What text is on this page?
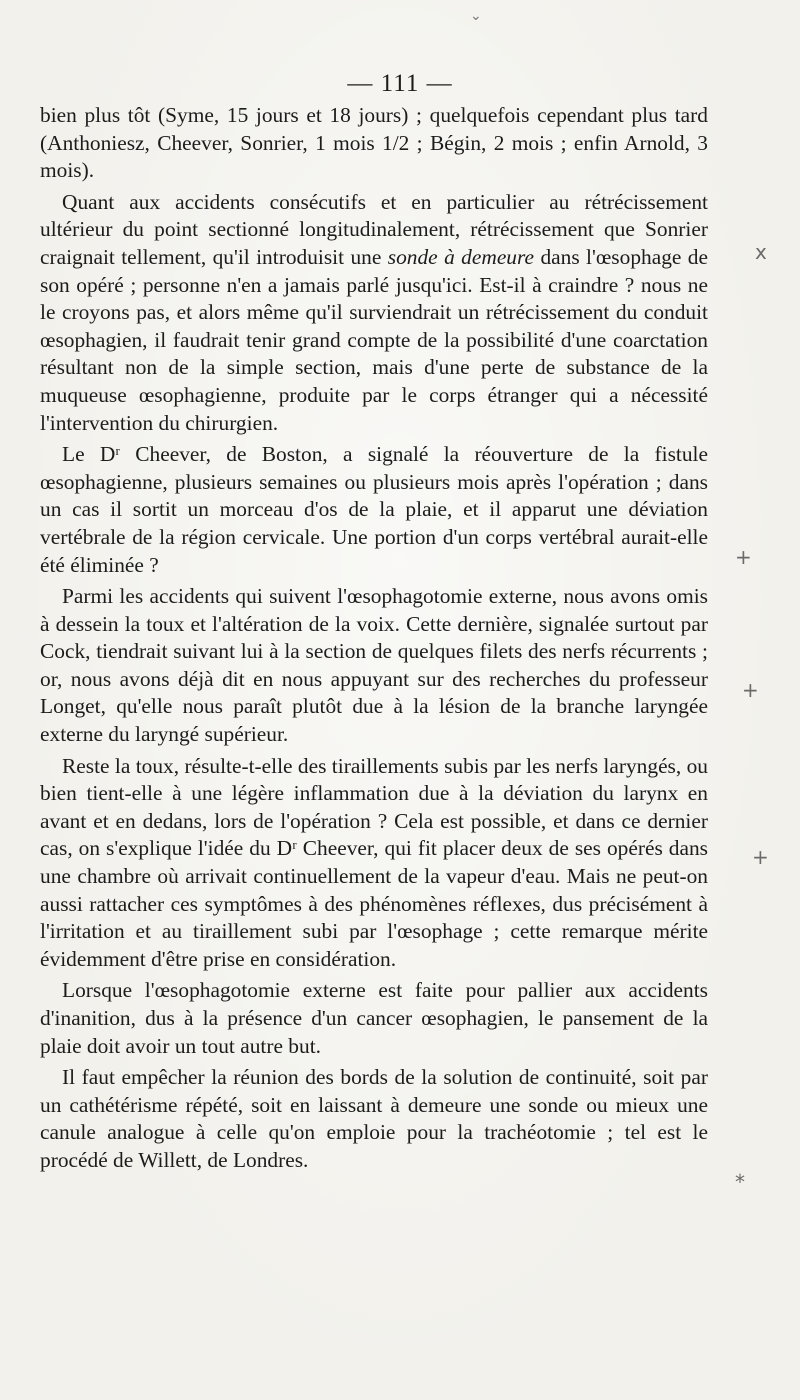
⌄
— 111 —

bien plus tôt (Syme, 15 jours et 18 jours) ; quelquefois cependant plus tard (Anthoniesz, Cheever, Sonrier, 1 mois 1/2 ; Bégin, 2 mois ; enfin Arnold, 3 mois).

Quant aux accidents consécutifs et en particulier au rétrécissement ultérieur du point sectionné longitudinalement, rétrécissement que Sonrier craignait tellement, qu'il introduisit une sonde à demeure dans l'œsophage de son opéré ; personne n'en a jamais parlé jusqu'ici. Est-il à craindre ? nous ne le croyons pas, et alors même qu'il surviendrait un rétrécissement du conduit œsophagien, il faudrait tenir grand compte de la possibilité d'une coarctation résultant non de la simple section, mais d'une perte de substance de la muqueuse œsophagienne, produite par le corps étranger qui a nécessité l'intervention du chirurgien.

Le Dʳ Cheever, de Boston, a signalé la réouverture de la fistule œsophagienne, plusieurs semaines ou plusieurs mois après l'opération ; dans un cas il sortit un morceau d'os de la plaie, et il apparut une déviation vertébrale de la région cervicale. Une portion d'un corps vertébral aurait-elle été éliminée ?

Parmi les accidents qui suivent l'œsophagotomie externe, nous avons omis à dessein la toux et l'altération de la voix. Cette dernière, signalée surtout par Cock, tiendrait suivant lui à la section de quelques filets des nerfs récurrents ; or, nous avons déjà dit en nous appuyant sur des recherches du professeur Longet, qu'elle nous paraît plutôt due à la lésion de la branche laryngée externe du laryngé supérieur.

Reste la toux, résulte-t-elle des tiraillements subis par les nerfs laryngés, ou bien tient-elle à une légère inflammation due à la déviation du larynx en avant et en dedans, lors de l'opération ? Cela est possible, et dans ce dernier cas, on s'explique l'idée du Dʳ Cheever, qui fit placer deux de ses opérés dans une chambre où arrivait continuellement de la vapeur d'eau. Mais ne peut-on aussi rattacher ces symptômes à des phénomènes réflexes, dus précisément à l'irritation et au tiraillement subi par l'œsophage ; cette remarque mérite évidemment d'être prise en considération.

Lorsque l'œsophagotomie externe est faite pour pallier aux accidents d'inanition, dus à la présence d'un cancer œsophagien, le pansement de la plaie doit avoir un tout autre but.

Il faut empêcher la réunion des bords de la solution de continuité, soit par un cathétérisme répété, soit en laissant à demeure une sonde ou mieux une canule analogue à celle qu'on emploie pour la trachéotomie ; tel est le procédé de Willett, de Londres.

x
+
+
+
*
